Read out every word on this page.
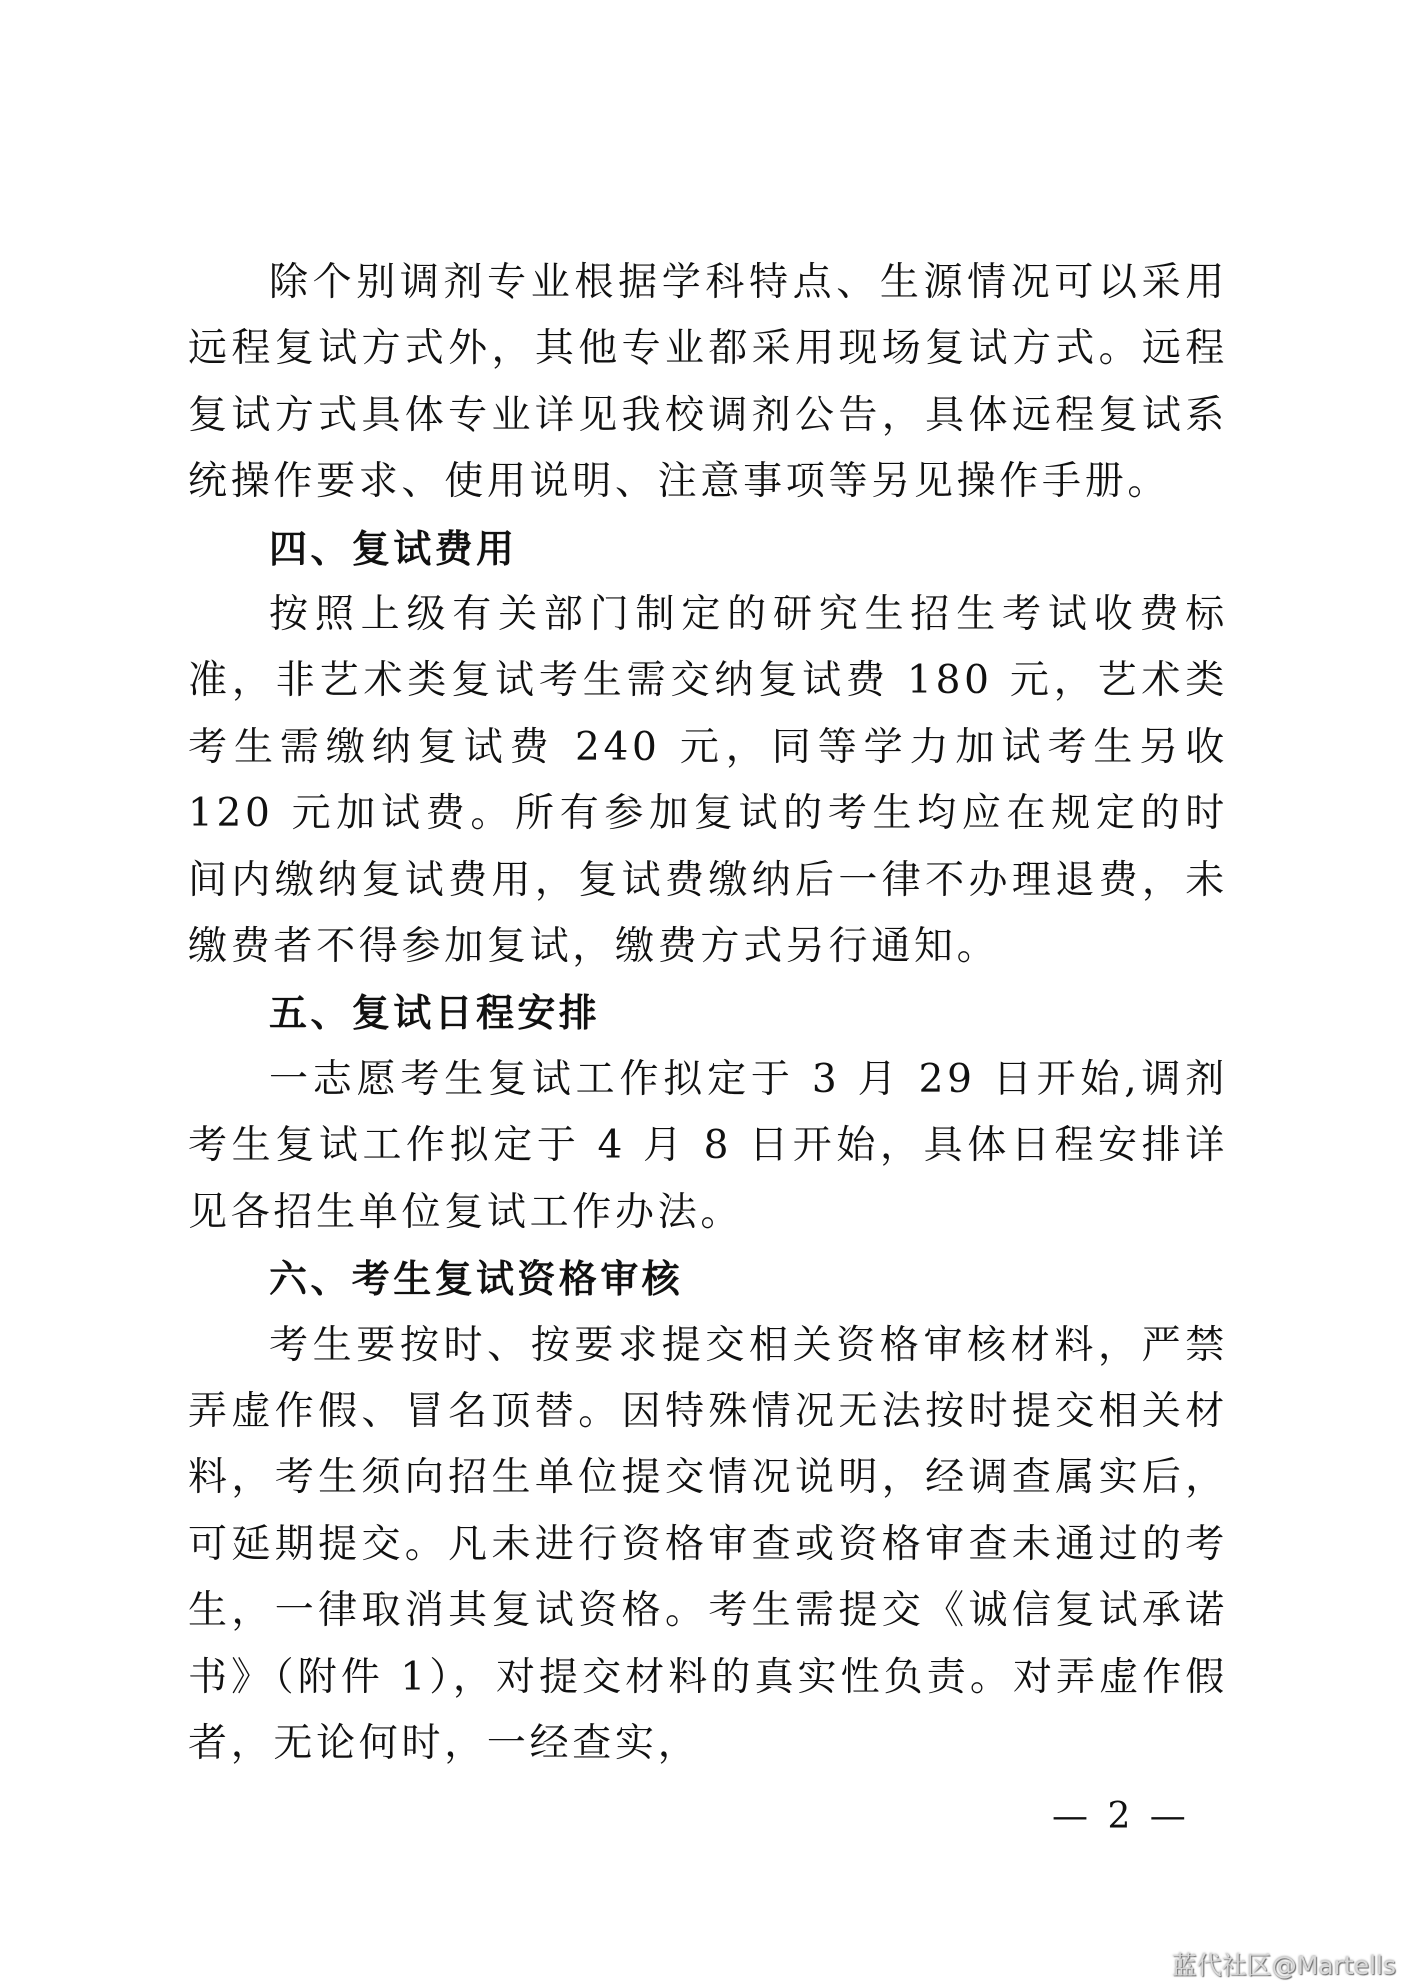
除个别调剂专业根据学科特点、生源情况可以采用远程复试方式外，其他专业都采用现场复试方式。远程复试方式具体专业详见我校调剂公告，具体远程复试系统操作要求、使用说明、注意事项等另见操作手册。

四、复试费用

按照上级有关部门制定的研究生招生考试收费标准，非艺术类复试考生需交纳复试费 180 元，艺术类考生需缴纳复试费 240 元，同等学力加试考生另收 120 元加试费。所有参加复试的考生均应在规定的时间内缴纳复试费用，复试费缴纳后一律不办理退费，未缴费者不得参加复试，缴费方式另行通知。

五、复试日程安排

一志愿考生复试工作拟定于 3 月 29 日开始,调剂考生复试工作拟定于 4 月 8 日开始，具体日程安排详见各招生单位复试工作办法。

六、考生复试资格审核

考生要按时、按要求提交相关资格审核材料，严禁弄虚作假、冒名顶替。因特殊情况无法按时提交相关材料，考生须向招生单位提交情况说明，经调查属实后，可延期提交。凡未进行资格审查或资格审查未通过的考生，一律取消其复试资格。考生需提交《诚信复试承诺书》（附件 1），对提交材料的真实性负责。对弄虚作假者，无论何时，一经查实，

— 2 —
蓝代社区@Martells
